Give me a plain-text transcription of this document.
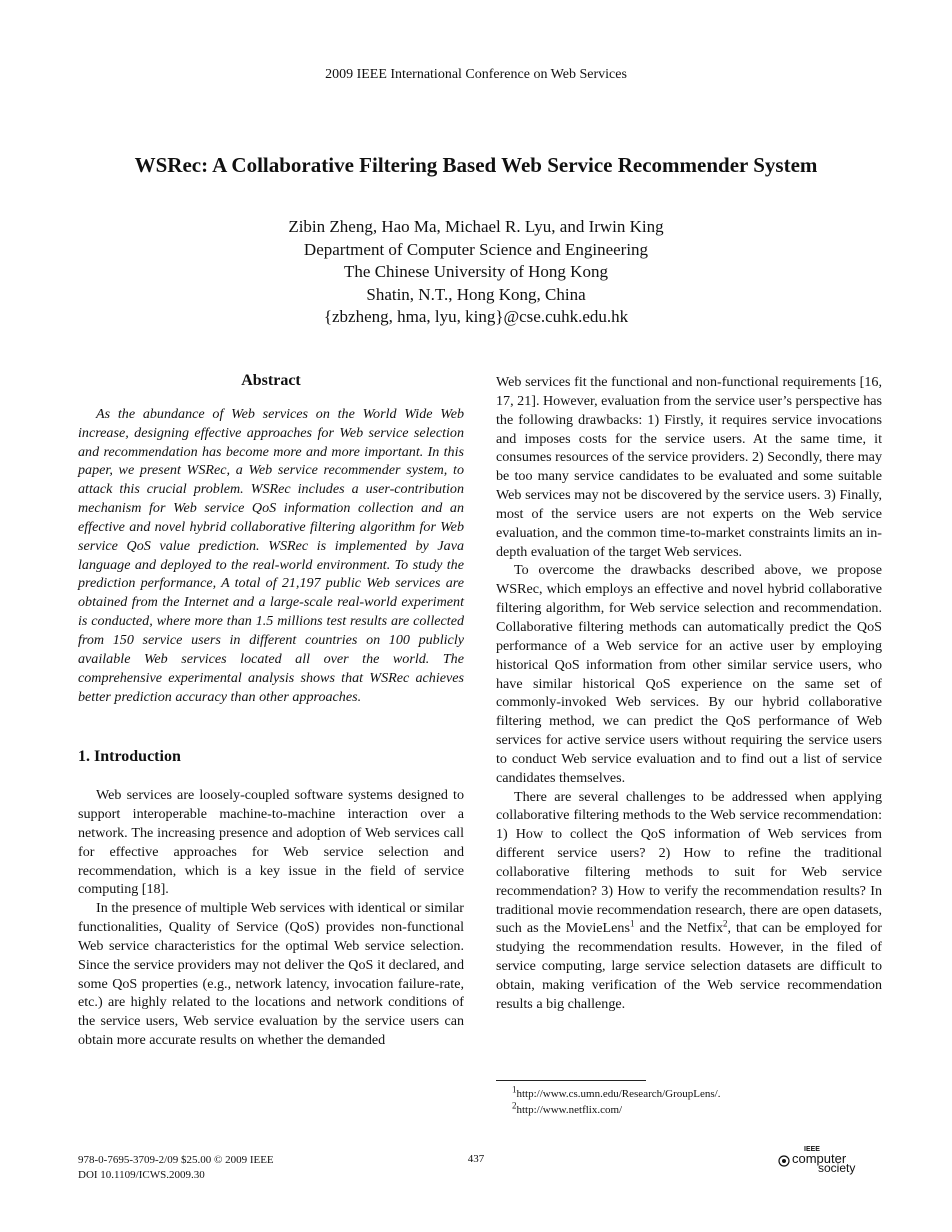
2009 IEEE International Conference on Web Services
WSRec: A Collaborative Filtering Based Web Service Recommender System
Zibin Zheng, Hao Ma, Michael R. Lyu, and Irwin King
Department of Computer Science and Engineering
The Chinese University of Hong Kong
Shatin, N.T., Hong Kong, China
{zbzheng, hma, lyu, king}@cse.cuhk.edu.hk
Abstract

As the abundance of Web services on the World Wide Web increase, designing effective approaches for Web service selection and recommendation has become more and more important. In this paper, we present WSRec, a Web service recommender system, to attack this crucial problem. WSRec includes a user-contribution mechanism for Web service QoS information collection and an effective and novel hybrid collaborative filtering algorithm for Web service QoS value prediction. WSRec is implemented by Java language and deployed to the real-world environment. To study the prediction performance, A total of 21,197 public Web services are obtained from the Internet and a large-scale real-world experiment is conducted, where more than 1.5 millions test results are collected from 150 service users in different countries on 100 publicly available Web services located all over the world. The comprehensive experimental analysis shows that WSRec achieves better prediction accuracy than other approaches.

1. Introduction

Web services are loosely-coupled software systems designed to support interoperable machine-to-machine interaction over a network. The increasing presence and adoption of Web services call for effective approaches for Web service selection and recommendation, which is a key issue in the field of service computing [18].

In the presence of multiple Web services with identical or similar functionalities, Quality of Service (QoS) provides non-functional Web service characteristics for the optimal Web service selection. Since the service providers may not deliver the QoS it declared, and some QoS properties (e.g., network latency, invocation failure-rate, etc.) are highly related to the locations and network conditions of the service users, Web service evaluation by the service users can obtain more accurate results on whether the demanded

Web services fit the functional and non-functional requirements [16, 17, 21]. However, evaluation from the service user’s perspective has the following drawbacks: 1) Firstly, it requires service invocations and imposes costs for the service users. At the same time, it consumes resources of the service providers. 2) Secondly, there may be too many service candidates to be evaluated and some suitable Web services may not be discovered by the service users. 3) Finally, most of the service users are not experts on the Web service evaluation, and the common time-to-market constraints limits an in-depth evaluation of the target Web services.

To overcome the drawbacks described above, we propose WSRec, which employs an effective and novel hybrid collaborative filtering algorithm, for Web service selection and recommendation. Collaborative filtering methods can automatically predict the QoS performance of a Web service for an active user by employing historical QoS information from other similar service users, who have similar historical QoS experience on the same set of commonly-invoked Web services. By our hybrid collaborative filtering method, we can predict the QoS performance of Web services for active service users without requiring the service users to conduct Web service evaluation and to find out a list of service candidates themselves.

There are several challenges to be addressed when applying collaborative filtering methods to the Web service recommendation: 1) How to collect the QoS information of Web services from different service users? 2) How to refine the traditional collaborative filtering methods to suit for Web service recommendation? 3) How to verify the recommendation results? In traditional movie recommendation research, there are open datasets, such as the MovieLens$^1$ and the Netfix$^2$, that can be employed for studying the recommendation results. However, in the filed of service computing, large service selection datasets are difficult to obtain, making verification of the Web service recommendation results a big challenge.

$^1$http://www.cs.umn.edu/Research/GroupLens/.
$^2$http://www.netflix.com/
978-0-7695-3709-2/09 $25.00 © 2009 IEEE
DOI 10.1109/ICWS.2009.30
437
IEEE
computer
society
